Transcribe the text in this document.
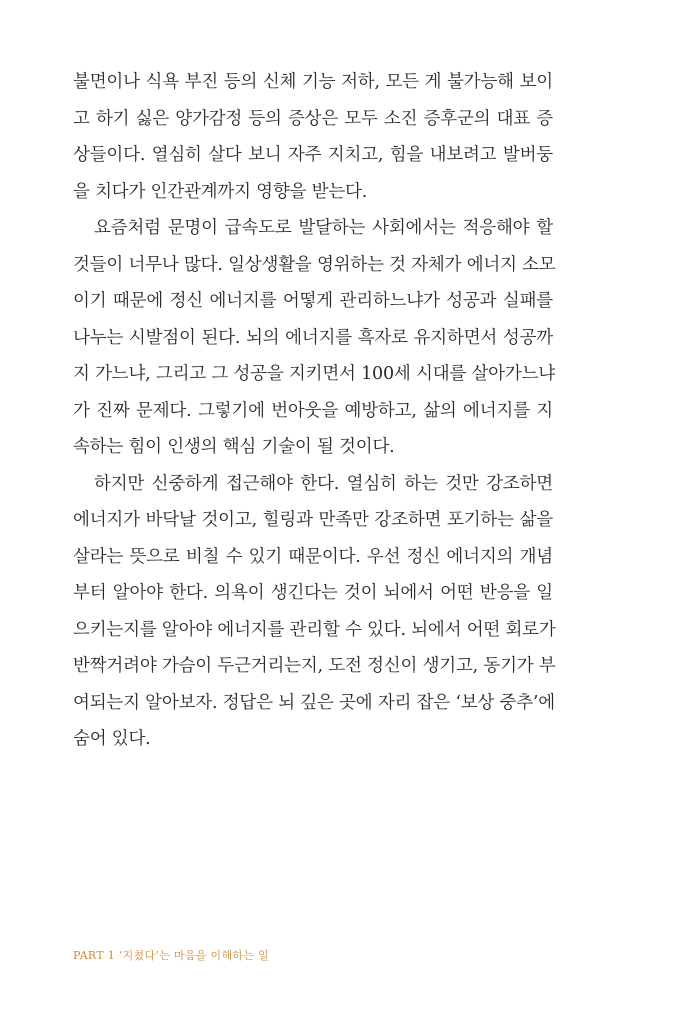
불면이나 식욕 부진 등의 신체 기능 저하, 모든 게 불가능해 보이
고 하기 싫은 양가감정 등의 증상은 모두 소진 증후군의 대표 증
상들이다. 열심히 살다 보니 자주 지치고, 힘을 내보려고 발버둥
을 치다가 인간관계까지 영향을 받는다.
요즘처럼 문명이 급속도로 발달하는 사회에서는 적응해야 할
것들이 너무나 많다. 일상생활을 영위하는 것 자체가 에너지 소모
이기 때문에 정신 에너지를 어떻게 관리하느냐가 성공과 실패를
나누는 시발점이 된다. 뇌의 에너지를 흑자로 유지하면서 성공까
지 가느냐, 그리고 그 성공을 지키면서 100세 시대를 살아가느냐
가 진짜 문제다. 그렇기에 번아웃을 예방하고, 삶의 에너지를 지
속하는 힘이 인생의 핵심 기술이 될 것이다.
하지만 신중하게 접근해야 한다. 열심히 하는 것만 강조하면
에너지가 바닥날 것이고, 힐링과 만족만 강조하면 포기하는 삶을
살라는 뜻으로 비칠 수 있기 때문이다. 우선 정신 에너지의 개념
부터 알아야 한다. 의욕이 생긴다는 것이 뇌에서 어떤 반응을 일
으키는지를 알아야 에너지를 관리할 수 있다. 뇌에서 어떤 회로가
반짝거려야 가슴이 두근거리는지, 도전 정신이 생기고, 동기가 부
여되는지 알아보자. 정답은 뇌 깊은 곳에 자리 잡은 ‘보상 중추’에
숨어 있다.
PART 1 ‘지쳤다’는 마음을 이해하는 일
